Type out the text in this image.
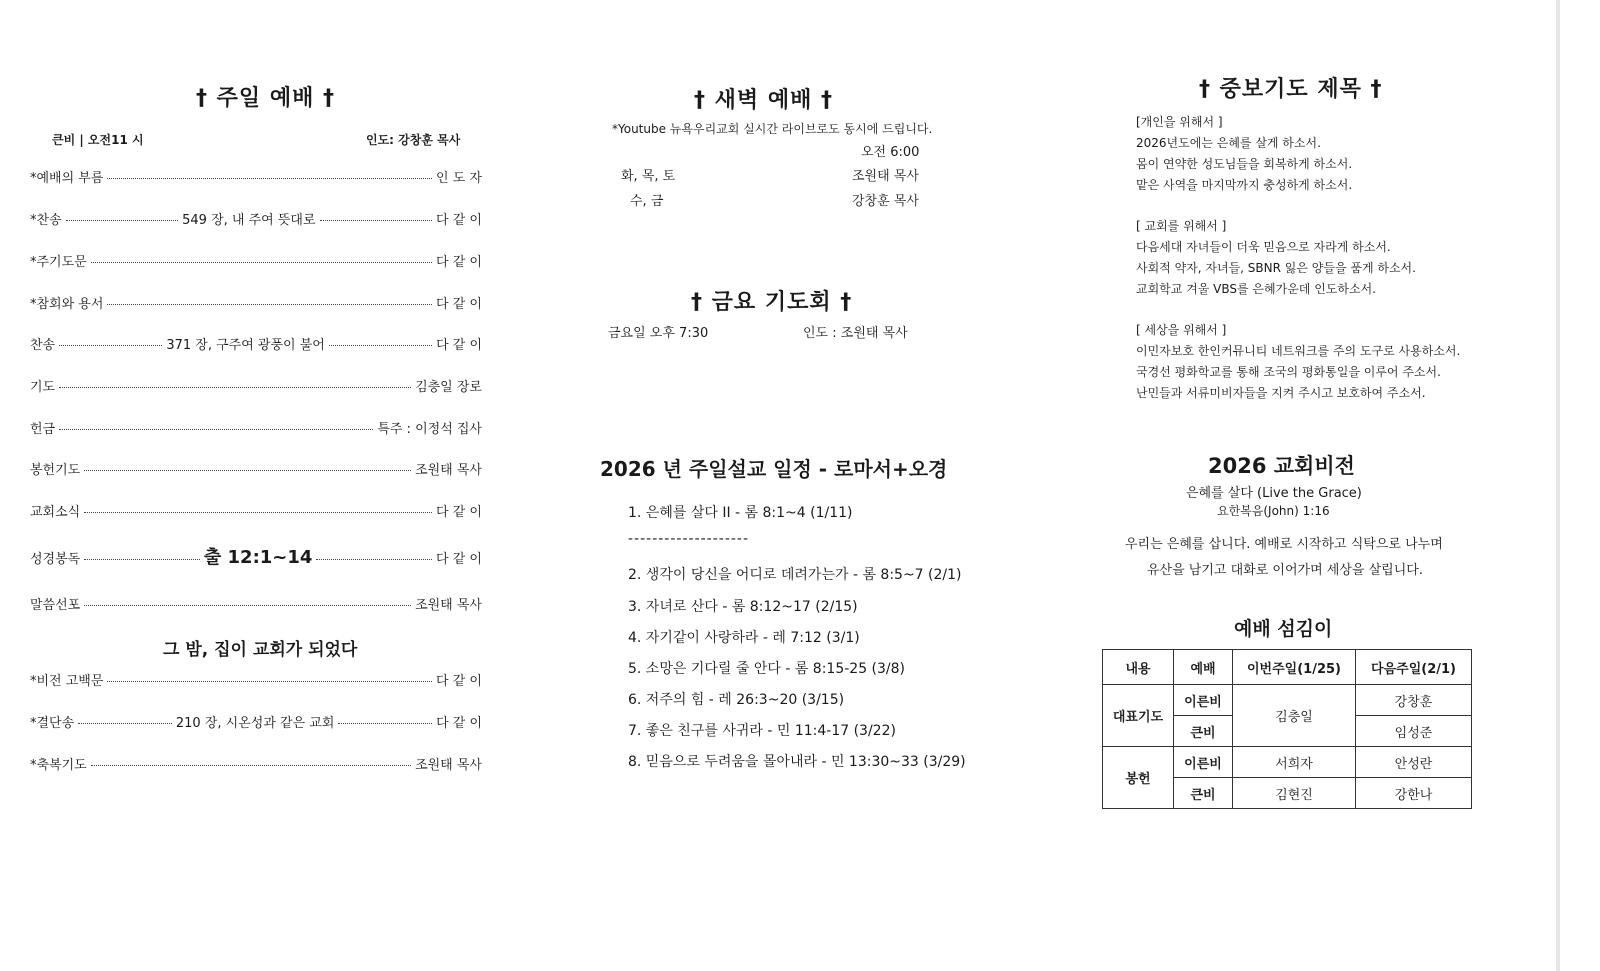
† 주일 예배 †
큰비 | 오전11 시	인도: 강창훈 목사
*예배의 부름	인 도 자
*찬송	549 장, 내 주여 뜻대로	다 같 이
*주기도문	다 같 이
*참회와 용서	다 같 이
찬송	371 장, 구주여 광풍이 불어	다 같 이
기도	김충일 장로
헌금	특주 : 이정석 집사
봉헌기도	조원태 목사
교회소식	다 같 이
성경봉독	출 12:1~14	다 같 이
말씀선포	조원태 목사
그 밤, 집이 교회가 되었다
*비전 고백문	다 같 이
*결단송	210 장, 시온성과 같은 교회	다 같 이
*축복기도	조원태 목사
† 새벽 예배 †
*Youtube 뉴욕우리교회 실시간 라이브로도 동시에 드립니다.
오전 6:00
화, 목, 토	조원태 목사
수, 금	강창훈 목사
† 금요 기도회 †
금요일 오후 7:30	인도 : 조원태 목사
2026 년 주일설교 일정 - 로마서+오경
1. 은혜를 살다 II - 롬 8:1~4 (1/11)
--------------------
2. 생각이 당신을 어디로 데려가는가 - 롬 8:5~7 (2/1)
3. 자녀로 산다 - 롬 8:12~17 (2/15)
4. 자기같이 사랑하라 - 레 7:12 (3/1)
5. 소망은 기다릴 줄 안다 - 롬 8:15-25 (3/8)
6. 저주의 힘 - 레 26:3~20 (3/15)
7. 좋은 친구를 사귀라 - 민 11:4-17 (3/22)
8. 믿음으로 두려움을 몰아내라 - 민 13:30~33 (3/29)
† 중보기도 제목 †
[개인을 위해서 ]
2026년도에는 은혜를 살게 하소서.
몸이 연약한 성도님들을 회복하게 하소서.
맡은 사역을 마지막까지 충성하게 하소서.
[ 교회를 위해서 ]
다음세대 자녀들이 더욱 믿음으로 자라게 하소서.
사회적 약자, 자녀들, SBNR 잃은 양들을 품게 하소서.
교회학교 겨울 VBS를 은혜가운데 인도하소서.
[ 세상을 위해서 ]
이민자보호 한인커뮤니티 네트워크를 주의 도구로 사용하소서.
국경선 평화학교를 통해 조국의 평화통일을 이루어 주소서.
난민들과 서류미비자들을 지켜 주시고 보호하여 주소서.
2026 교회비전
은혜를 살다 (Live the Grace)
요한복음(John) 1:16
우리는 은혜를 삽니다. 예배로 시작하고 식탁으로 나누며
유산을 남기고 대화로 이어가며 세상을 살립니다.
예배 섬김이
내용	예배	이번주일(1/25)	다음주일(2/1)
대표기도	이른비	김충일	강창훈
	큰비		임성준
봉헌	이른비	서희자	안성란
	큰비	김현진	강한나
